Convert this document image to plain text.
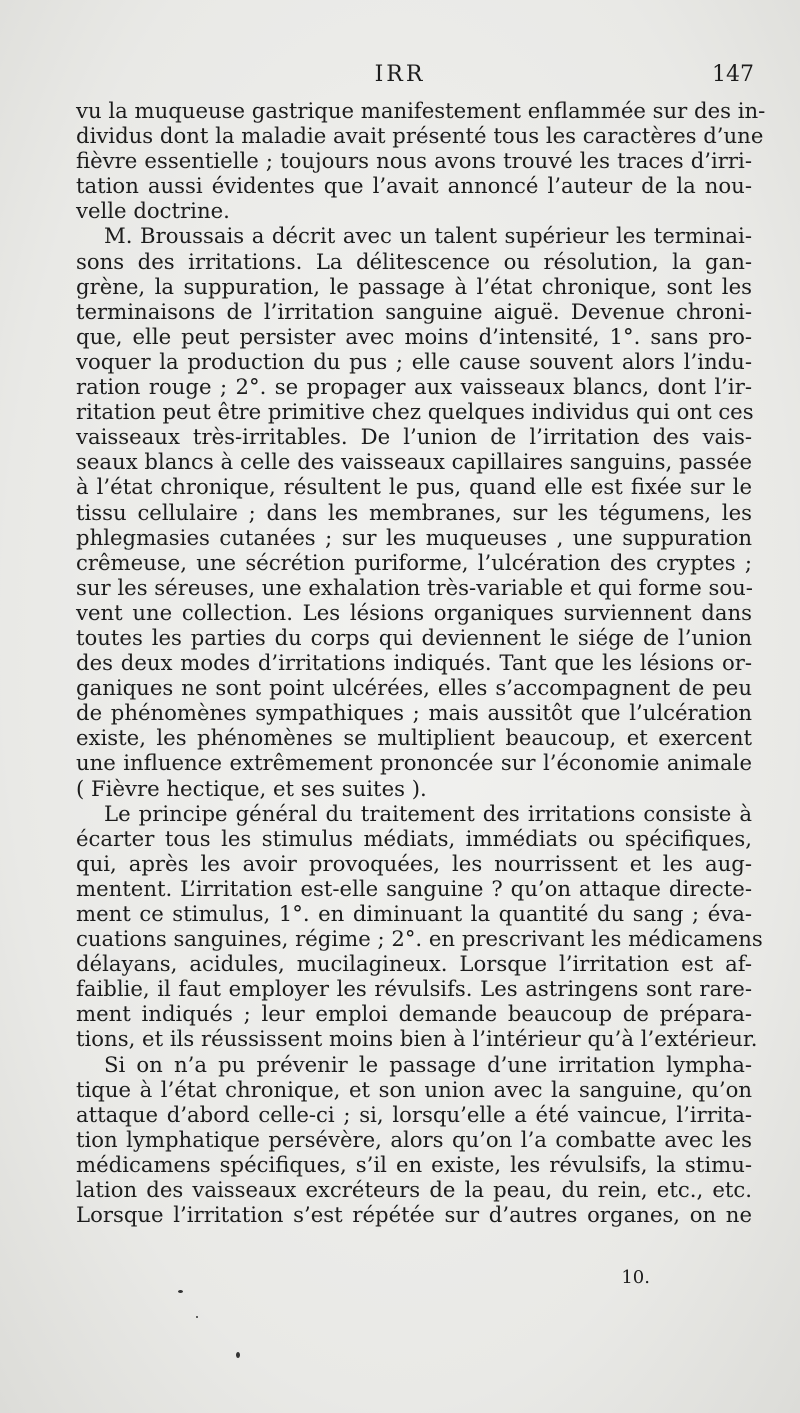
IRR	147
vu la muqueuse gastrique manifestement enflammée sur des in-
dividus dont la maladie avait présenté tous les caractères d’une
fièvre essentielle ; toujours nous avons trouvé les traces d’irri-
tation aussi évidentes que l’avait annoncé l’auteur de la nou-
velle doctrine.
M. Broussais a décrit avec un talent supérieur les terminai-
sons des irritations. La délitescence ou résolution, la gan-
grène, la suppuration, le passage à l’état chronique, sont les
terminaisons de l’irritation sanguine aiguë. Devenue chroni-
que, elle peut persister avec moins d’intensité, 1°. sans pro-
voquer la production du pus ; elle cause souvent alors l’indu-
ration rouge ; 2°. se propager aux vaisseaux blancs, dont l’ir-
ritation peut être primitive chez quelques individus qui ont ces
vaisseaux très-irritables. De l’union de l’irritation des vais-
seaux blancs à celle des vaisseaux capillaires sanguins, passée
à l’état chronique, résultent le pus, quand elle est fixée sur le
tissu cellulaire ; dans les membranes, sur les tégumens, les
phlegmasies cutanées ; sur les muqueuses , une suppuration
crêmeuse, une sécrétion puriforme, l’ulcération des cryptes ;
sur les séreuses, une exhalation très-variable et qui forme sou-
vent une collection. Les lésions organiques surviennent dans
toutes les parties du corps qui deviennent le siége de l’union
des deux modes d’irritations indiqués. Tant que les lésions or-
ganiques ne sont point ulcérées, elles s’accompagnent de peu
de phénomènes sympathiques ; mais aussitôt que l’ulcération
existe, les phénomènes se multiplient beaucoup, et exercent
une influence extrêmement prononcée sur l’économie animale
( Fièvre hectique, et ses suites ).
Le principe général du traitement des irritations consiste à
écarter tous les stimulus médiats, immédiats ou spécifiques,
qui, après les avoir provoquées, les nourrissent et les aug-
mentent. L’irritation est-elle sanguine ? qu’on attaque directe-
ment ce stimulus, 1°. en diminuant la quantité du sang ; éva-
cuations sanguines, régime ; 2°. en prescrivant les médicamens
délayans, acidules, mucilagineux. Lorsque l’irritation est af-
faiblie, il faut employer les révulsifs. Les astringens sont rare-
ment indiqués ; leur emploi demande beaucoup de prépara-
tions, et ils réussissent moins bien à l’intérieur qu’à l’extérieur.
Si on n’a pu prévenir le passage d’une irritation lympha-
tique à l’état chronique, et son union avec la sanguine, qu’on
attaque d’abord celle-ci ; si, lorsqu’elle a été vaincue, l’irrita-
tion lymphatique persévère, alors qu’on l’a combatte avec les
médicamens spécifiques, s’il en existe, les révulsifs, la stimu-
lation des vaisseaux excréteurs de la peau, du rein, etc., etc.
Lorsque l’irritation s’est répétée sur d’autres organes, on ne
10.
